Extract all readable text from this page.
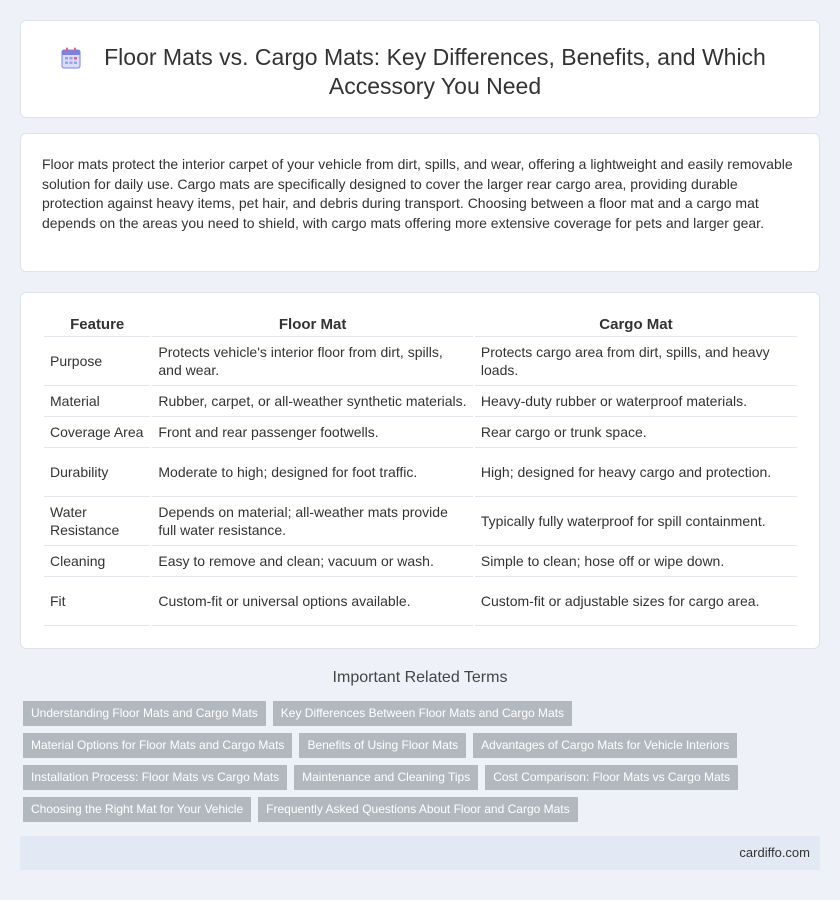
Floor Mats vs. Cargo Mats: Key Differences, Benefits, and Which Accessory You Need

Floor mats protect the interior carpet of your vehicle from dirt, spills, and wear, offering a lightweight and easily removable solution for daily use. Cargo mats are specifically designed to cover the larger rear cargo area, providing durable protection against heavy items, pet hair, and debris during transport. Choosing between a floor mat and a cargo mat depends on the areas you need to shield, with cargo mats offering more extensive coverage for pets and larger gear.

Feature	Floor Mat	Cargo Mat
Purpose	Protects vehicle's interior floor from dirt, spills, and wear.	Protects cargo area from dirt, spills, and heavy loads.
Material	Rubber, carpet, or all-weather synthetic materials.	Heavy-duty rubber or waterproof materials.
Coverage Area	Front and rear passenger footwells.	Rear cargo or trunk space.
Durability	Moderate to high; designed for foot traffic.	High; designed for heavy cargo and protection.
Water Resistance	Depends on material; all-weather mats provide full water resistance.	Typically fully waterproof for spill containment.
Cleaning	Easy to remove and clean; vacuum or wash.	Simple to clean; hose off or wipe down.
Fit	Custom-fit or universal options available.	Custom-fit or adjustable sizes for cargo area.
Important Related Terms
Understanding Floor Mats and Cargo Mats	Key Differences Between Floor Mats and Cargo Mats
Material Options for Floor Mats and Cargo Mats	Benefits of Using Floor Mats	Advantages of Cargo Mats for Vehicle Interiors
Installation Process: Floor Mats vs Cargo Mats	Maintenance and Cleaning Tips	Cost Comparison: Floor Mats vs Cargo Mats
Choosing the Right Mat for Your Vehicle	Frequently Asked Questions About Floor and Cargo Mats
cardiffo.com
